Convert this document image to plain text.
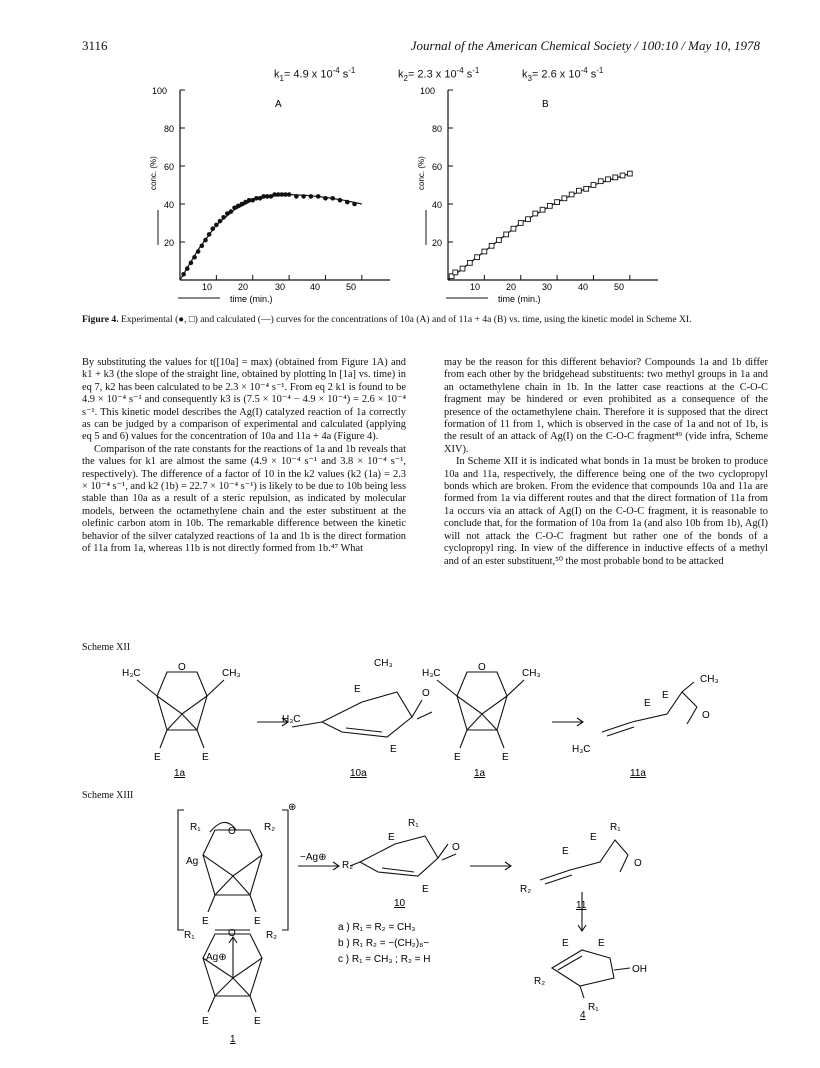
3116	Journal of the American Chemical Society / 100:10 / May 10, 1978
$k_1= 4.9$ x $10^{-4}$ $s^{-1}$	$k_2= 2.3$ x $10^{-4}$ $s^{-1}$	$k_3= 2.6$ x $10^{-4}$ $s^{-1}$
A
100
80
60
40
20
10	20	30	40	50
conc. (%)
time (min.)
B
100
80
60
40
20
10	20	30	40	50
conc. (%)
time (min.)
Figure 4. Experimental (●, □) and calculated (—) curves for the concentrations of 10a (A) and of 11a + 4a (B) vs. time, using the kinetic model in Scheme XI.

By substituting the values for t([10a] = max) (obtained from Figure 1A) and k1 + k3 (the slope of the straight line, obtained by plotting ln [1a] vs. time) in eq 7, k2 has been calculated to be 2.3 × 10⁻⁴ s⁻¹. From eq 2 k1 is found to be 4.9 × 10⁻⁴ s⁻¹ and consequently k3 is (7.5 × 10⁻⁴ − 4.9 × 10⁻⁴) = 2.6 × 10⁻⁴ s⁻¹. This kinetic model describes the Ag(I) catalyzed reaction of 1a correctly as can be judged by a comparison of experimental and calculated (applying eq 5 and 6) values for the concentration of 10a and 11a + 4a (Figure 4).

Comparison of the rate constants for the reactions of 1a and 1b reveals that the values for k1 are almost the same (4.9 × 10⁻⁴ s⁻¹ and 3.8 × 10⁻⁴ s⁻¹, respectively). The difference of a factor of 10 in the k2 values (k2 (1a) = 2.3 × 10⁻⁴ s⁻¹, and k2 (1b) = 22.7 × 10⁻⁴ s⁻¹) is likely to be due to 10b being less stable than 10a as a result of a steric repulsion, as indicated by molecular models, between the octamethylene chain and the ester substituent at the olefinic carbon atom in 10b. The remarkable difference between the kinetic behavior of the silver catalyzed reactions of 1a and 1b is the direct formation of 11a from 1a, whereas 11b is not directly formed from 1b.⁴⁷ What

may be the reason for this different behavior? Compounds 1a and 1b differ from each other by the bridgehead substituents: two methyl groups in 1a and an octamethylene chain in 1b. In the latter case reactions at the C-O-C fragment may be hindered or even prohibited as a consequence of the presence of the octamethylene chain. Therefore it is supposed that the direct formation of 11 from 1, which is observed in the case of 1a and not of 1b, is the result of an attack of Ag(I) on the C-O-C fragment⁴⁹ (vide infra, Scheme XIV).

In Scheme XII it is indicated what bonds in 1a must be broken to produce 10a and 11a, respectively, the difference being one of the two cyclopropyl bonds which are broken. From the evidence that compounds 10a and 11a are formed from 1a via different routes and that the direct formation of 11a from 1a occurs via an attack of Ag(I) on the C-O-C fragment, it is reasonable to conclude that, for the formation of 10a from 1a (and also 10b from 1b), Ag(I) will not attack the C-O-C fragment but rather one of the bonds of a cyclopropyl ring. In view of the difference in inductive effects of a methyl and of an ester substituent,⁵⁰ the most probable bond to be attacked

Scheme XII
H₃C
O
CH₃
E	E
1a
H₃C
CH₃
E	O
E
10a
H₃C
O
CH₃
E	E
1a
H₃C
E
E
CH₃
O
11a
Scheme XIII
R₁	O	R₂
Ag
E	E
⊕
−Ag⊕
R₂
E
R₁
O
E
10
R₂
E
E
R₁
O
11
Ag⊕
a ) R₁ = R₂ = CH₃
b ) R₁ R₂ = −(CH₂)₈−
c ) R₁ = CH₃ ; R₂ = H
E	E
OH
R₂
R₁
4
R₁	O	R₂
E	E
1
